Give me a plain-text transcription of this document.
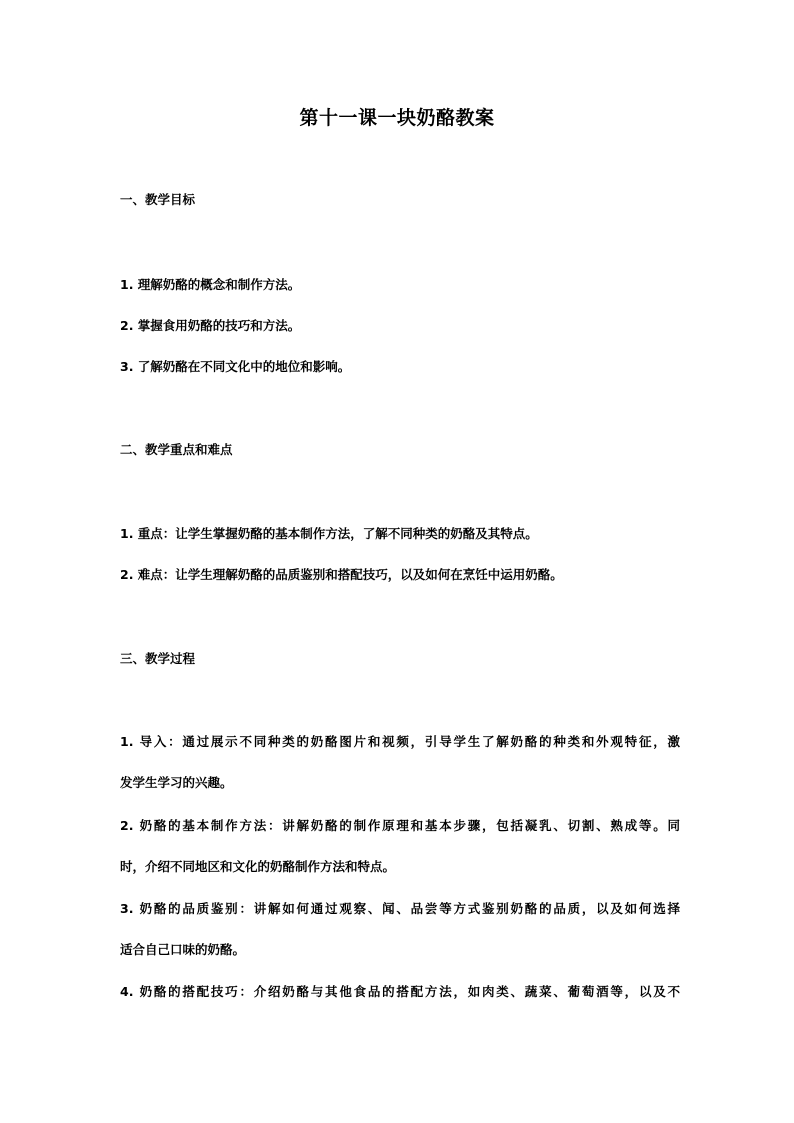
第十一课一块奶酪教案
一、教学目标
1. 理解奶酪的概念和制作方法。
2. 掌握食用奶酪的技巧和方法。
3. 了解奶酪在不同文化中的地位和影响。
二、教学重点和难点
1. 重点：让学生掌握奶酪的基本制作方法，了解不同种类的奶酪及其特点。
2. 难点：让学生理解奶酪的品质鉴别和搭配技巧，以及如何在烹饪中运用奶酪。
三、教学过程
1. 导入：通过展示不同种类的奶酪图片和视频，引导学生了解奶酪的种类和外观特征，激
发学生学习的兴趣。
2. 奶酪的基本制作方法：讲解奶酪的制作原理和基本步骤，包括凝乳、切割、熟成等。同
时，介绍不同地区和文化的奶酪制作方法和特点。
3. 奶酪的品质鉴别：讲解如何通过观察、闻、品尝等方式鉴别奶酪的品质，以及如何选择
适合自己口味的奶酪。
4. 奶酪的搭配技巧：介绍奶酪与其他食品的搭配方法，如肉类、蔬菜、葡萄酒等，以及不
